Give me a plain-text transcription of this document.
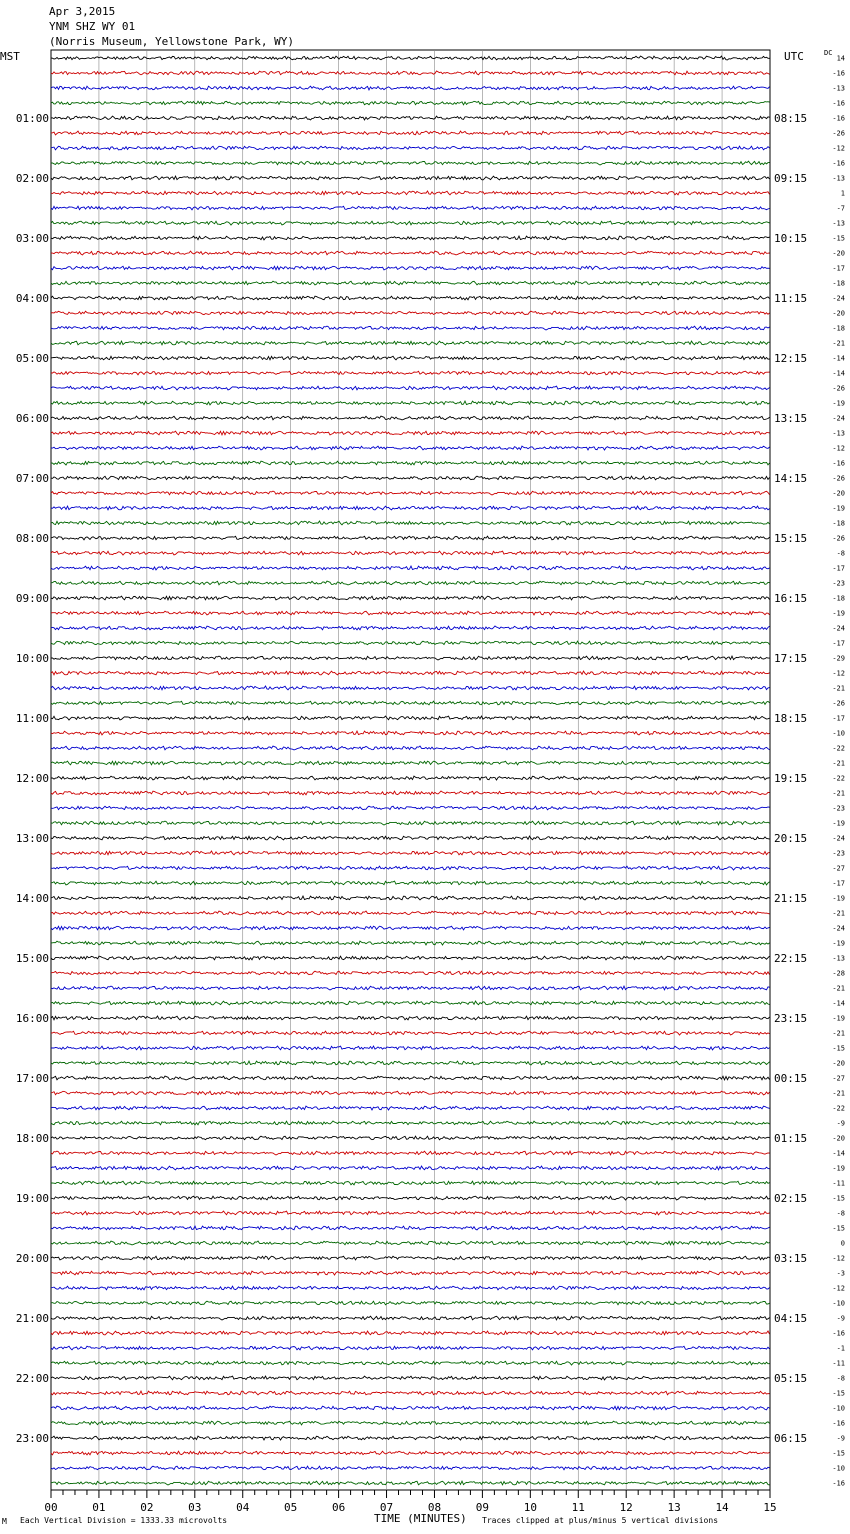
Apr 3,2015
YNM SHZ WY 01
(Norris Museum, Yellowstone Park, WY)
MST	UTC	DC
14
-16
-13
-16
-16
-26
-12
-16
-13
1
-7
-13
-15
-20
-17
-18
-24
-20
-18
-21
-14
-14
-26
-19
-24
-13
-12
-16
-26
-20
-19
-18
-26
-8
-17
-23
-18
-19
-24
-17
-29
-12
-21
-26
-17
-10
-22
-21
-22
-21
-23
-19
-24
-23
-27
-17
-19
-21
-24
-19
-13
-28
-21
-14
-19
-21
-15
-20
-27
-21
-22
-9
-20
-14
-19
-11
-15
-8
-15
0
-12
-3
-12
-10
-9
-16
-1
-11
-8
-15
-10
-16
-9
-15
-10
-16
01:00
02:00
03:00
04:00
05:00
06:00
07:00
08:00
09:00
10:00
11:00
12:00
13:00
14:00
15:00
16:00
17:00
18:00
19:00
20:00
21:00
22:00
23:00
08:15
09:15
10:15
11:15
12:15
13:15
14:15
15:15
16:15
17:15
18:15
19:15
20:15
21:15
22:15
23:15
00:15
01:15
02:15
03:15
04:15
05:15
06:15
00	01	02	03	04	05	06	07	08	09	10	11	12	13	14	15
M Each Vertical Division = 1333.33 microvolts	TIME (MINUTES) Traces clipped at plus/minus 5 vertical divisions
